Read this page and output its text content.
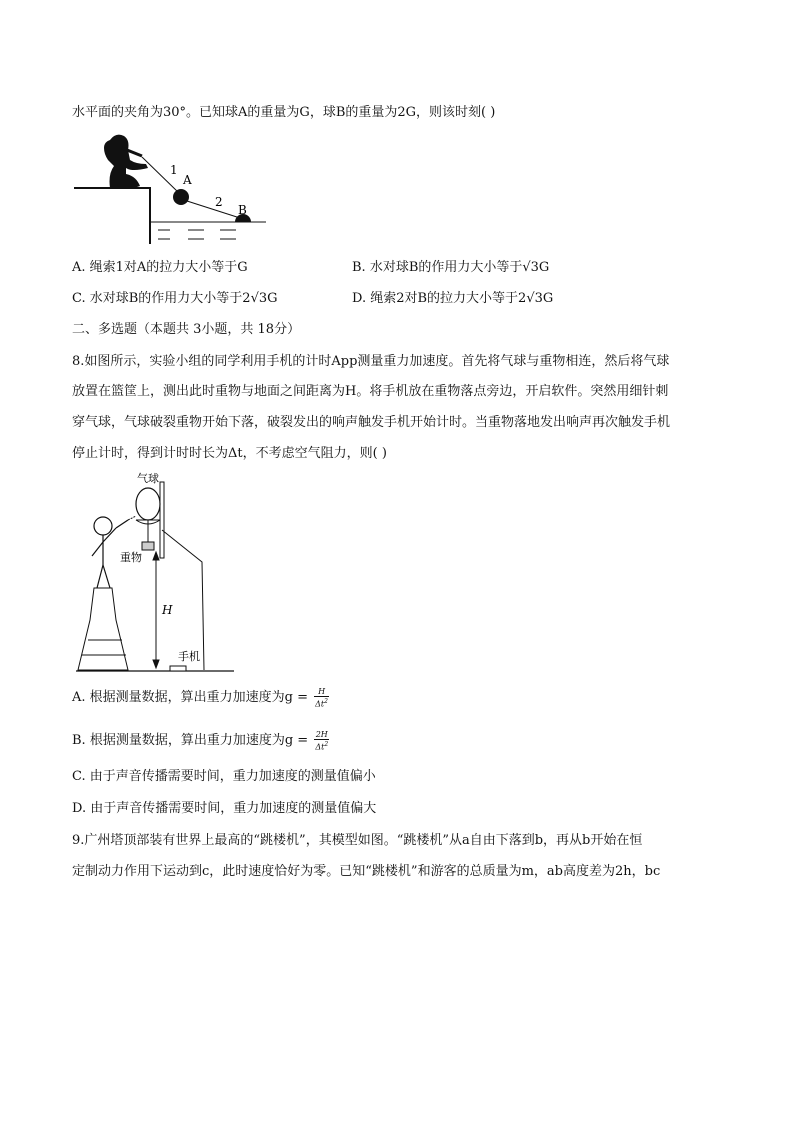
水平面的夹角为30°。已知球A的重量为G，球B的重量为2G，则该时刻( )
1
A
2
B
A. 绳索1对A的拉力大小等于G	B. 水对球B的作用力大小等于√3G
C. 水对球B的作用力大小等于2√3G	D. 绳索2对B的拉力大小等于2√3G
二、多选题（本题共 3小题，共 18分）
8.如图所示，实验小组的同学利用手机的计时App测量重力加速度。首先将气球与重物相连，然后将气球
放置在篮筐上，测出此时重物与地面之间距离为H。将手机放在重物落点旁边，开启软件。突然用细针刺
穿气球，气球破裂重物开始下落，破裂发出的响声触发手机开始计时。当重物落地发出响声再次触发手机
停止计时，得到计时时长为Δt，不考虑空气阻力，则( )
气球
重物
H
手机
A. 根据测量数据，算出重力加速度为$g = \frac{H}{\Delta t^2}$
B. 根据测量数据，算出重力加速度为$g = \frac{2H}{\Delta t^2}$
C. 由于声音传播需要时间，重力加速度的测量值偏小
D. 由于声音传播需要时间，重力加速度的测量值偏大
9.广州塔顶部装有世界上最高的“跳楼机”，其模型如图。“跳楼机”从a自由下落到b，再从b开始在恒
定制动力作用下运动到c，此时速度恰好为零。已知“跳楼机”和游客的总质量为m，ab高度差为2h，bc
